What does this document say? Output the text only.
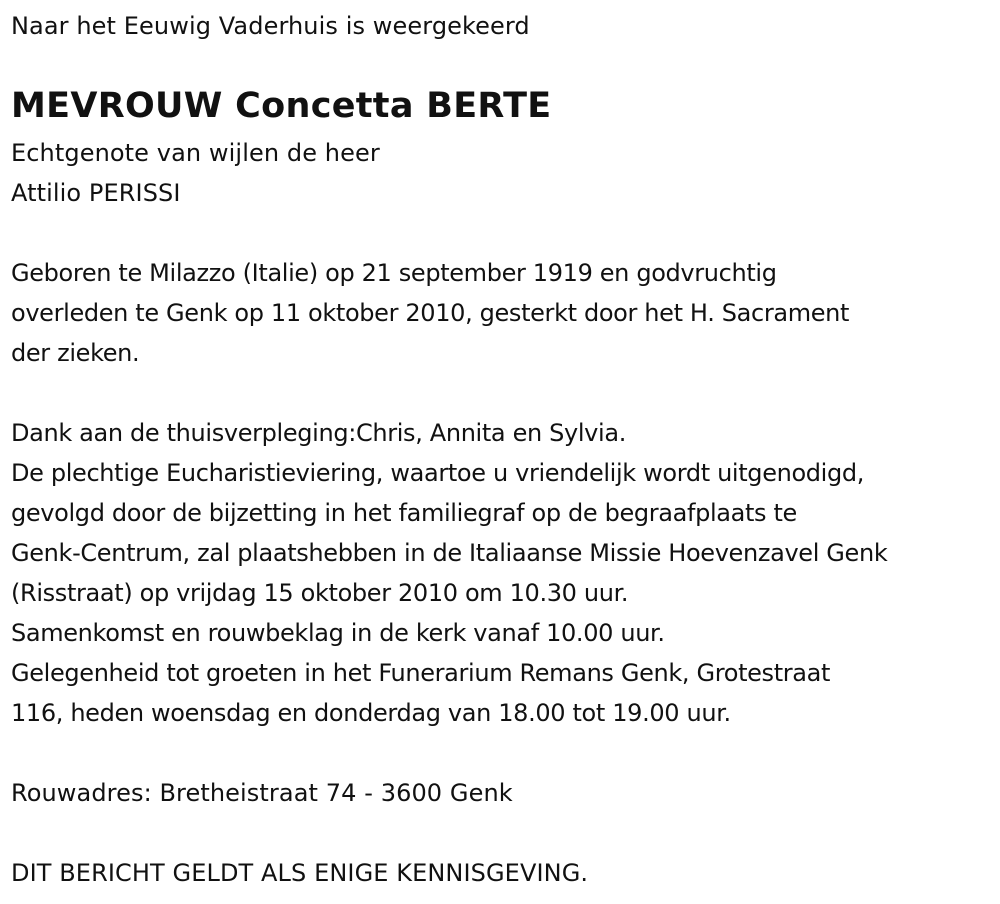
Naar het Eeuwig Vaderhuis is weergekeerd
MEVROUW Concetta BERTE
Echtgenote van wijlen de heer
Attilio PERISSI
Geboren te Milazzo (Italie) op 21 september 1919 en godvruchtig
overleden te Genk op 11 oktober 2010, gesterkt door het H. Sacrament
der zieken.
Dank aan de thuisverpleging:Chris, Annita en Sylvia.
De plechtige Eucharistieviering, waartoe u vriendelijk wordt uitgenodigd,
gevolgd door de bijzetting in het familiegraf op de begraafplaats te
Genk-Centrum, zal plaatshebben in de Italiaanse Missie Hoevenzavel Genk
(Risstraat) op vrijdag 15 oktober 2010 om 10.30 uur.
Samenkomst en rouwbeklag in de kerk vanaf 10.00 uur.
Gelegenheid tot groeten in het Funerarium Remans Genk, Grotestraat
116, heden woensdag en donderdag van 18.00 tot 19.00 uur.
Rouwadres: Bretheistraat 74 - 3600 Genk
DIT BERICHT GELDT ALS ENIGE KENNISGEVING.
